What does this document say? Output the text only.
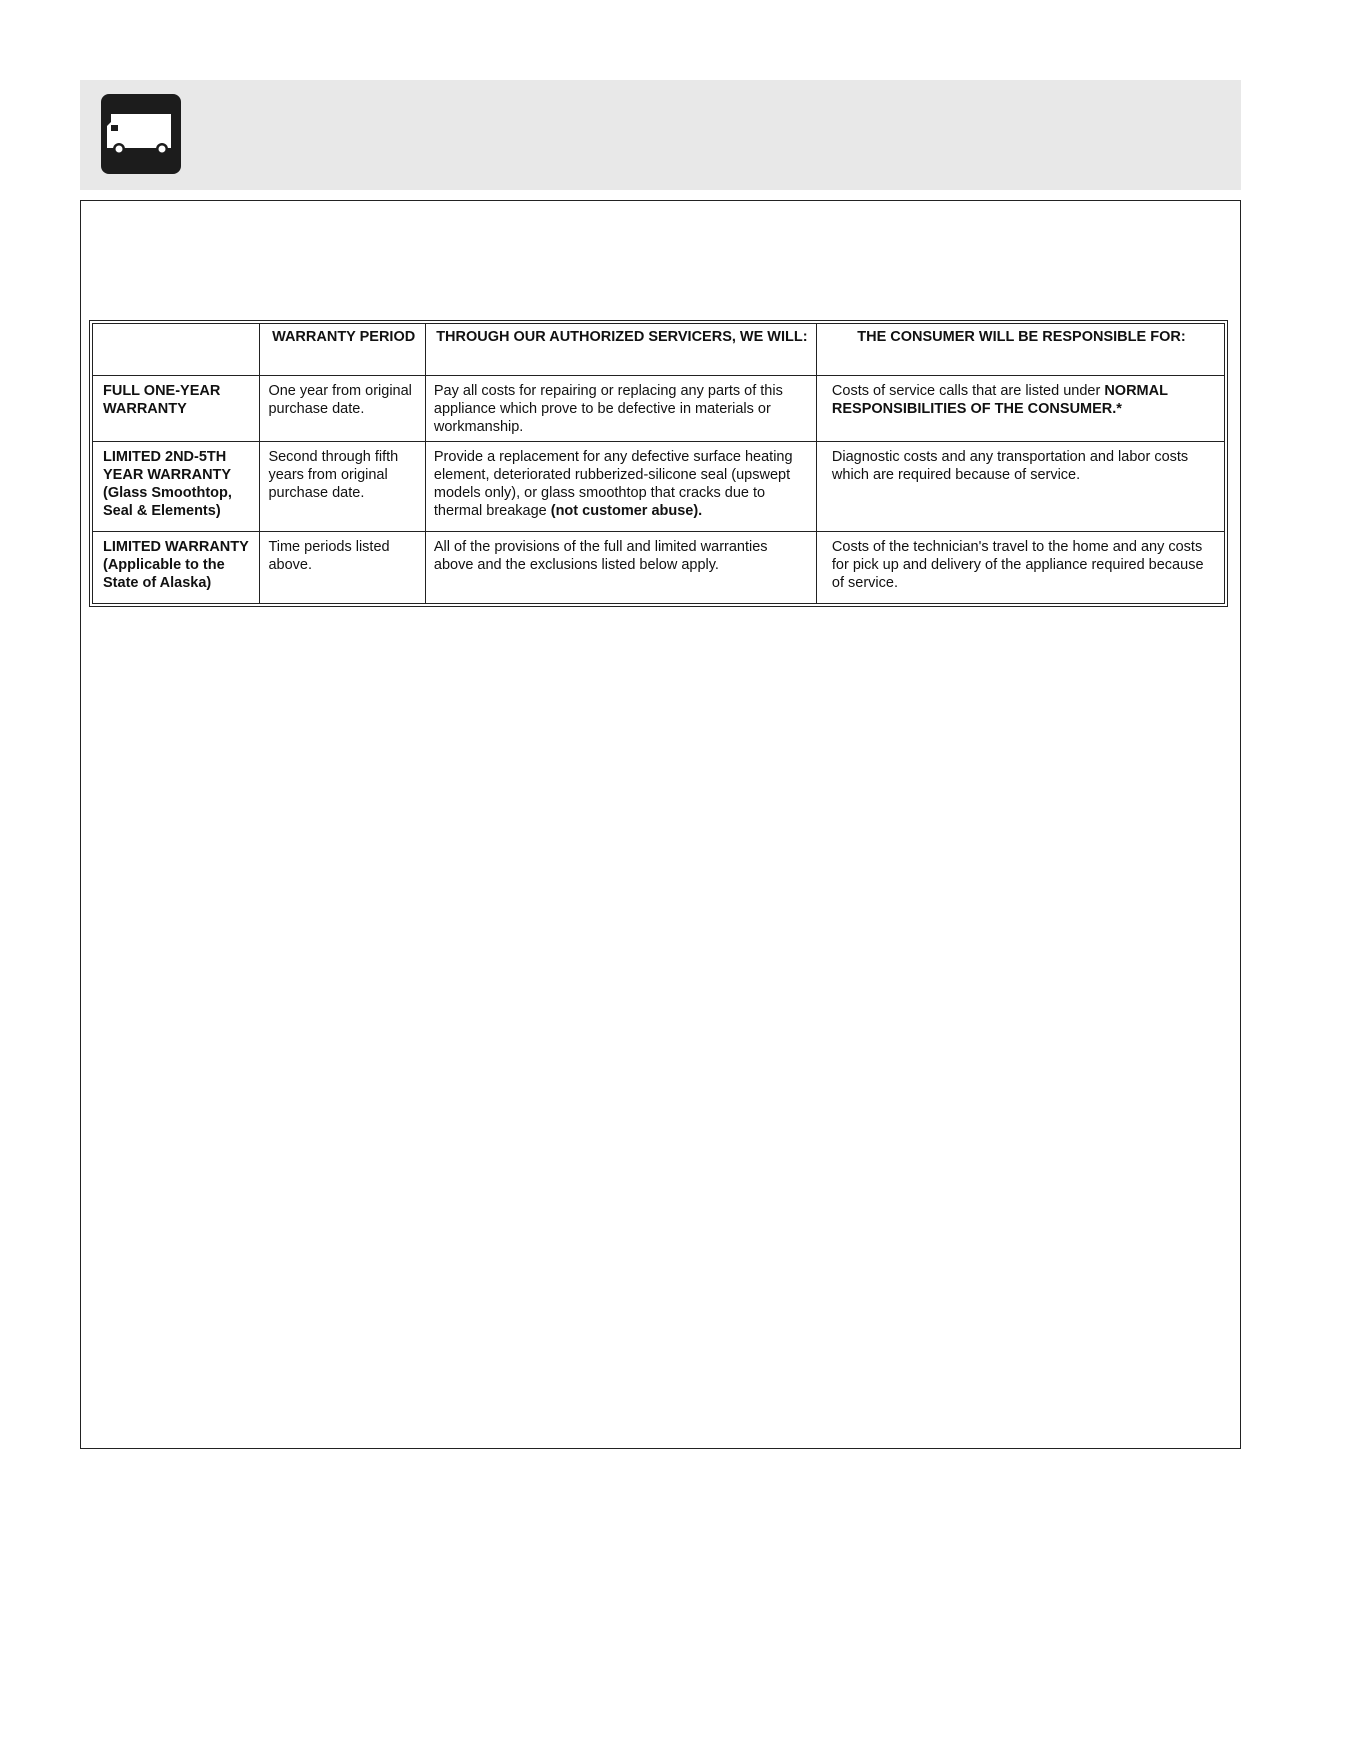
	WARRANTY PERIOD	THROUGH OUR AUTHORIZED SERVICERS, WE WILL:	THE CONSUMER WILL BE RESPONSIBLE FOR:
FULL ONE-YEAR WARRANTY	One year from original purchase date.	Pay all costs for repairing or replacing any parts of this appliance which prove to be defective in materials or workmanship.	Costs of service calls that are listed under NORMAL RESPONSIBILITIES OF THE CONSUMER.*
LIMITED 2ND-5TH YEAR WARRANTY (Glass Smoothtop, Seal & Elements)	Second through fifth years from original purchase date.	Provide a replacement for any defective surface heating element, deteriorated rubberized-silicone seal (upswept models only), or glass smoothtop that cracks due to thermal breakage (not customer abuse).	Diagnostic costs and any transportation and labor costs which are required because of service.
LIMITED WARRANTY (Applicable to the State of Alaska)	Time periods listed above.	All of the provisions of the full and limited warranties above and the exclusions listed below apply.	Costs of the technician's travel to the home and any costs for pick up and delivery of the appliance required because of service.
